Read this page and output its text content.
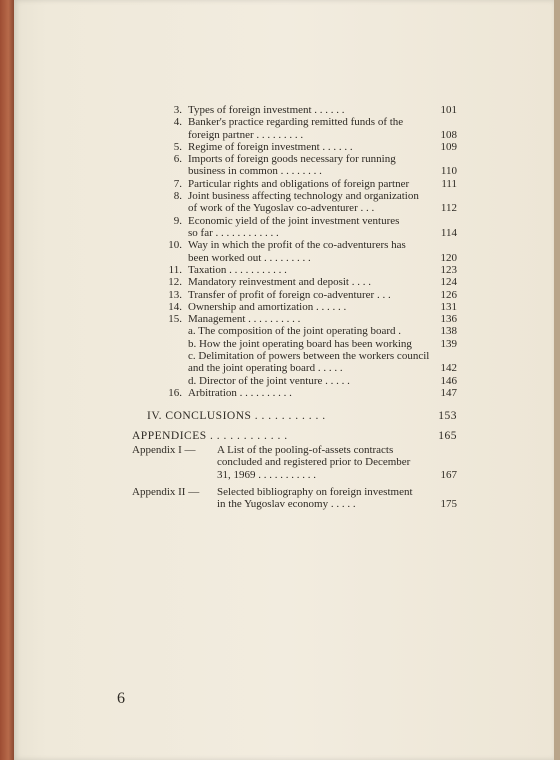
3. Types of foreign investment . . . . . .	101
4. Banker's practice regarding remitted funds of the
foreign partner . . . . . . . . .	108
5. Regime of foreign investment . . . . . .	109
6. Imports of foreign goods necessary for running
business in common . . . . . . . .	110
7. Particular rights and obligations of foreign partner	111
8. Joint business affecting technology and organization
of work of the Yugoslav co-adventurer . . .	112
9. Economic yield of the joint investment ventures
so far . . . . . . . . . . . .	114
10. Way in which the profit of the co-adventurers has
been worked out . . . . . . . . .	120
11. Taxation . . . . . . . . . . .	123
12. Mandatory reinvestment and deposit . . . .	124
13. Transfer of profit of foreign co-adventurer . . .	126
14. Ownership and amortization . . . . . .	131
15. Management . . . . . . . . . .	136
a. The composition of the joint operating board .	138
b. How the joint operating board has been working	139
c. Delimitation of powers between the workers council
and the joint operating board . . . . .	142
d. Director of the joint venture . . . . .	146
16. Arbitration . . . . . . . . . .	147
IV. CONCLUSIONS . . . . . . . . . . .	153
APPENDICES . . . . . . . . . . . .	165
Appendix I — A List of the pooling-of-assets contracts
concluded and registered prior to December
31, 1969 . . . . . . . . . . .	167
Appendix II — Selected bibliography on foreign investment
in the Yugoslav economy . . . . .	175
6
